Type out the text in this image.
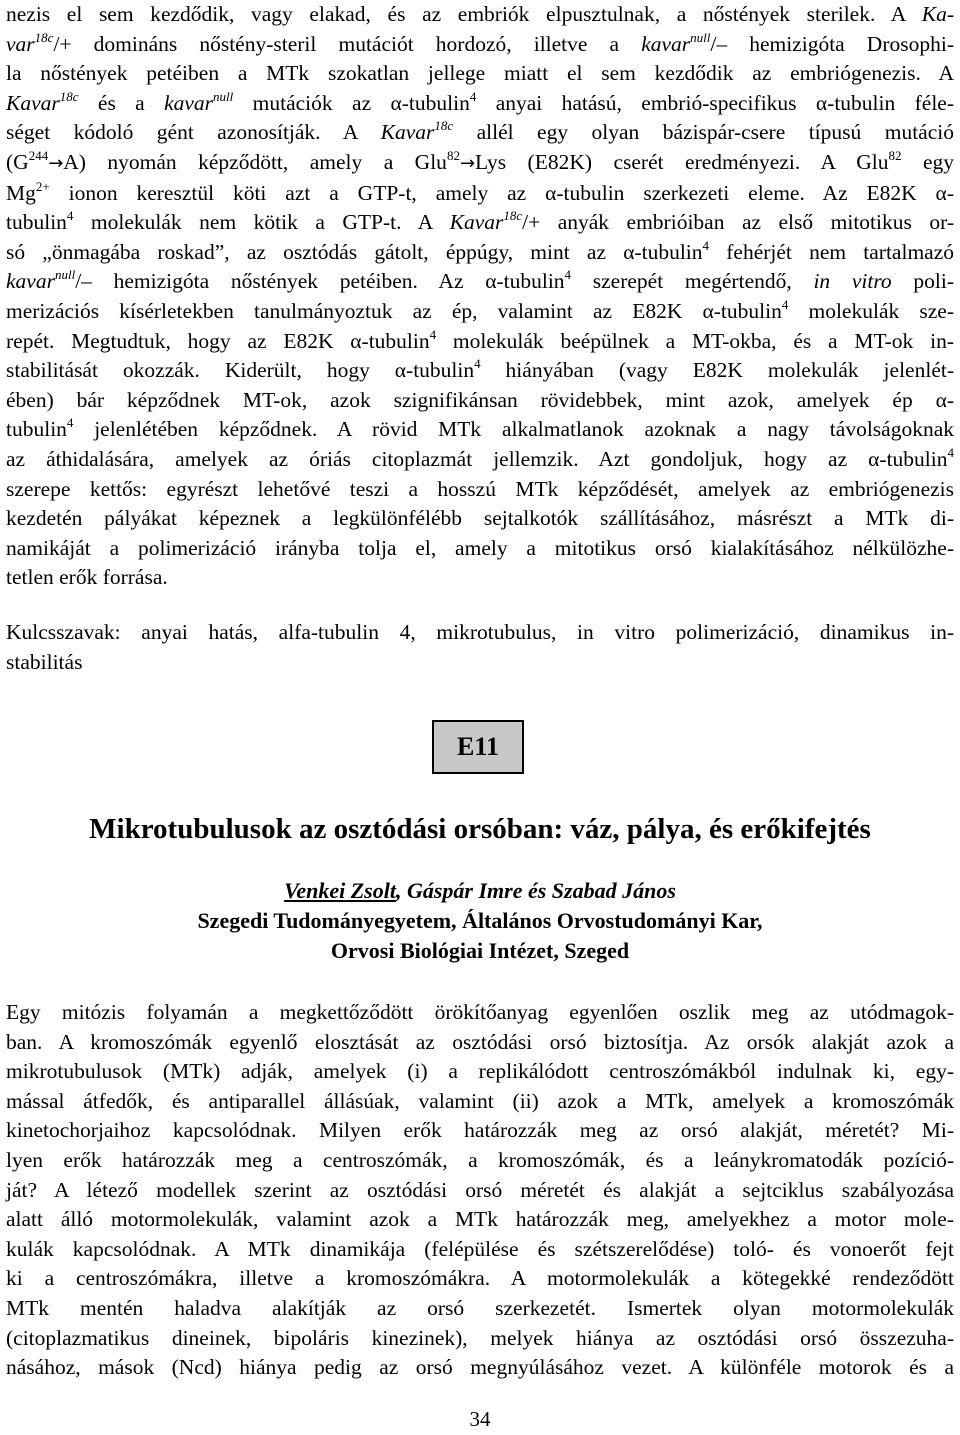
nezis el sem kezdődik, vagy elakad, és az embriók elpusztulnak, a nőstények sterilek. A Ka-
var$^{18c}$/+ domináns nőstény-steril mutációt hordozó, illetve a kavar$^{null}$/– hemizigóta Drosophi-
la nőstények petéiben a MTk szokatlan jellege miatt el sem kezdődik az embriógenezis. A
Kavar$^{18c}$ és a kavar$^{null}$ mutációk az α-tubulin$^4$ anyai hatású, embrió-specifikus α-tubulin féle-
séget kódoló gént azonosítják. A Kavar$^{18c}$ allél egy olyan bázispár-csere típusú mutáció
$(G^{244}\to A)$ nyomán képződött, amely a Glu$^{82}$→Lys (E82K) cserét eredményezi. A Glu$^{82}$ egy
$Mg^{2+}$ ionon keresztül köti azt a GTP-t, amely az α-tubulin szerkezeti eleme. Az E82K α-
tubulin$^4$ molekulák nem kötik a GTP-t. A Kavar$^{18c}$/+ anyák embrióiban az első mitotikus or-
só „önmagába roskad”, az osztódás gátolt, éppúgy, mint az α-tubulin$^4$ fehérjét nem tartalmazó
kavar$^{null}$/– hemizigóta nőstények petéiben. Az α-tubulin$^4$ szerepét megértendő, in vitro poli-
merizációs kísérletekben tanulmányoztuk az ép, valamint az E82K α-tubulin$^4$ molekulák sze-
repét. Megtudtuk, hogy az E82K α-tubulin$^4$ molekulák beépülnek a MT-okba, és a MT-ok in-
stabilitását okozzák. Kiderült, hogy α-tubulin$^4$ hiányában (vagy E82K molekulák jelenlét-
ében) bár képződnek MT-ok, azok szignifikánsan rövidebbek, mint azok, amelyek ép α-
tubulin$^4$ jelenlétében képződnek. A rövid MTk alkalmatlanok azoknak a nagy távolságoknak
az áthidalására, amelyek az óriás citoplazmát jellemzik. Azt gondoljuk, hogy az α-tubulin$^4$
szerepe kettős: egyrészt lehetővé teszi a hosszú MTk képződését, amelyek az embriógenezis
kezdetén pályákat képeznek a legkülönfélébb sejtalkotók szállításához, másrészt a MTk di-
namikáját a polimerizáció irányba tolja el, amely a mitotikus orsó kialakításához nélkülözhe-
tetlen erők forrása.
Kulcsszavak: anyai hatás, alfa-tubulin 4, mikrotubulus, in vitro polimerizáció, dinamikus in-
stabilitás
E11
Mikrotubulusok az osztódási orsóban: váz, pálya, és erőkifejtés
Venkei Zsolt, Gáspár Imre és Szabad János
Szegedi Tudományegyetem, Általános Orvostudományi Kar,
Orvosi Biológiai Intézet, Szeged
Egy mitózis folyamán a megkettőződött örökítőanyag egyenlően oszlik meg az utódmagok-
ban. A kromoszómák egyenlő elosztását az osztódási orsó biztosítja. Az orsók alakját azok a
mikrotubulusok (MTk) adják, amelyek (i) a replikálódott centroszómákból indulnak ki, egy-
mással átfedők, és antiparallel állásúak, valamint (ii) azok a MTk, amelyek a kromoszómák
kinetochorjaihoz kapcsolódnak. Milyen erők határozzák meg az orsó alakját, méretét? Mi-
lyen erők határozzák meg a centroszómák, a kromoszómák, és a leánykromatodák pozíció-
ját? A létező modellek szerint az osztódási orsó méretét és alakját a sejtciklus szabályozása
alatt álló motormolekulák, valamint azok a MTk határozzák meg, amelyekhez a motor mole-
kulák kapcsolódnak. A MTk dinamikája (felépülése és szétszerelődése) toló- és vonoerőt fejt
ki a centroszómákra, illetve a kromoszómákra. A motormolekulák a kötegekké rendeződött
MTk mentén haladva alakítják az orsó szerkezetét. Ismertek olyan motormolekulák
(citoplazmatikus dineinek, bipoláris kinezinek), melyek hiánya az osztódási orsó összezuha-
násához, mások (Ncd) hiánya pedig az orsó megnyúlásához vezet. A különféle motorok és a
34
